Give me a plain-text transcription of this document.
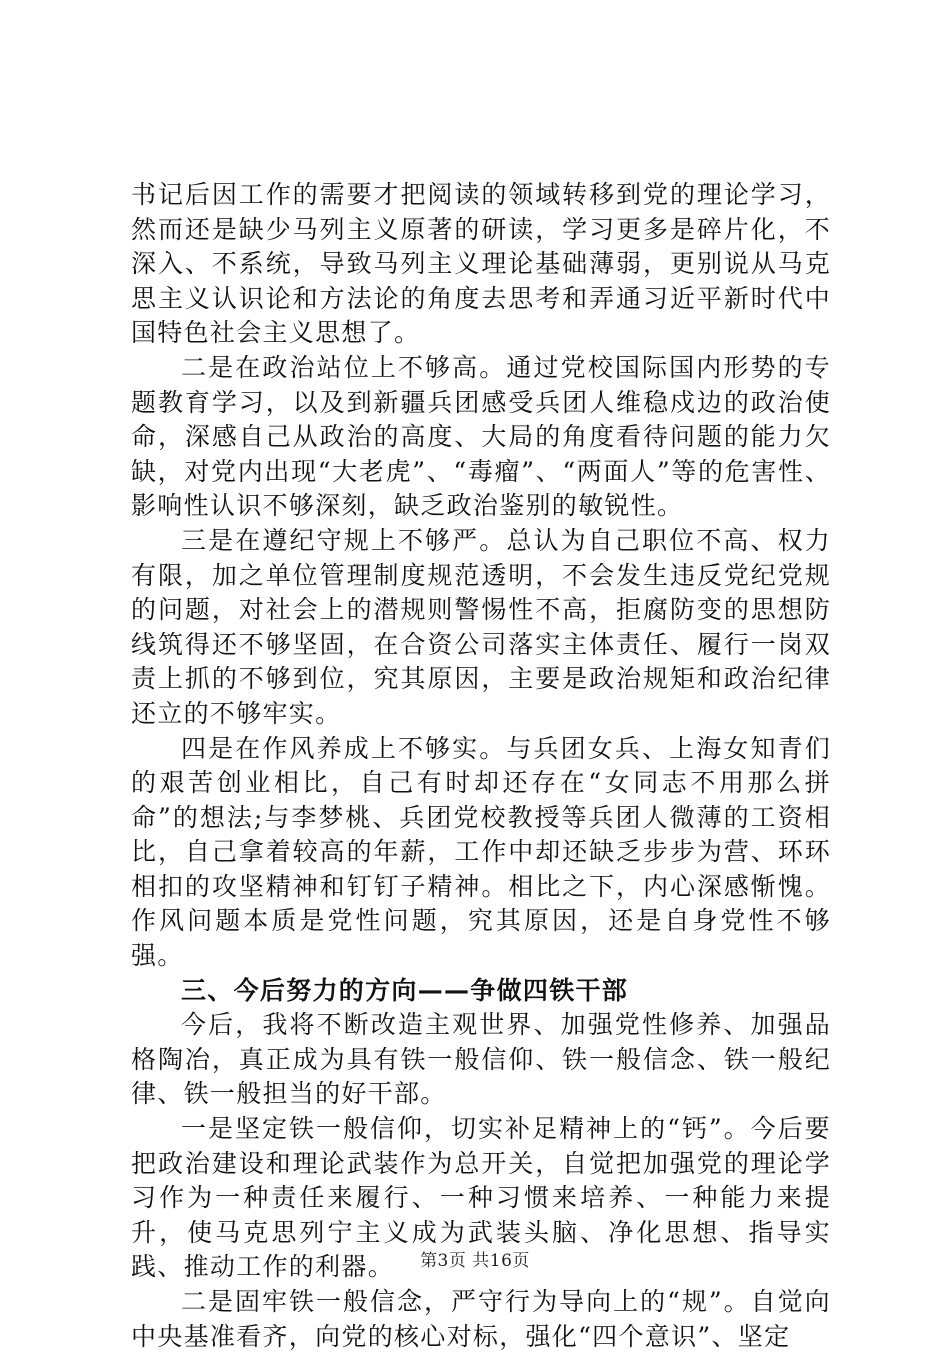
书记后因工作的需要才把阅读的领域转移到党的理论学习，然而还是缺少马列主义原著的研读，学习更多是碎片化，不深入、不系统，导致马列主义理论基础薄弱，更别说从马克思主义认识论和方法论的角度去思考和弄通习近平新时代中国特色社会主义思想了。

二是在政治站位上不够高。通过党校国际国内形势的专题教育学习，以及到新疆兵团感受兵团人维稳戍边的政治使命，深感自己从政治的高度、大局的角度看待问题的能力欠缺，对党内出现“大老虎”、“毒瘤”、“两面人”等的危害性、影响性认识不够深刻，缺乏政治鉴别的敏锐性。

三是在遵纪守规上不够严。总认为自己职位不高、权力有限，加之单位管理制度规范透明，不会发生违反党纪党规的问题，对社会上的潜规则警惕性不高，拒腐防变的思想防线筑得还不够坚固，在合资公司落实主体责任、履行一岗双责上抓的不够到位，究其原因，主要是政治规矩和政治纪律还立的不够牢实。

四是在作风养成上不够实。与兵团女兵、上海女知青们的艰苦创业相比，自己有时却还存在“女同志不用那么拼命”的想法;与李梦桃、兵团党校教授等兵团人微薄的工资相比，自己拿着较高的年薪，工作中却还缺乏步步为营、环环相扣的攻坚精神和钉钉子精神。相比之下，内心深感惭愧。作风问题本质是党性问题，究其原因，还是自身党性不够强。

三、今后努力的方向——争做四铁干部

今后，我将不断改造主观世界、加强党性修养、加强品格陶冶，真正成为具有铁一般信仰、铁一般信念、铁一般纪律、铁一般担当的好干部。

一是坚定铁一般信仰，切实补足精神上的“钙”。今后要把政治建设和理论武装作为总开关，自觉把加强党的理论学习作为一种责任来履行、一种习惯来培养、一种能力来提升，使马克思列宁主义成为武装头脑、净化思想、指导实践、推动工作的利器。

二是固牢铁一般信念，严守行为导向上的“规”。自觉向中央基准看齐，向党的核心对标，强化“四个意识”、坚定

第3页 共16页
